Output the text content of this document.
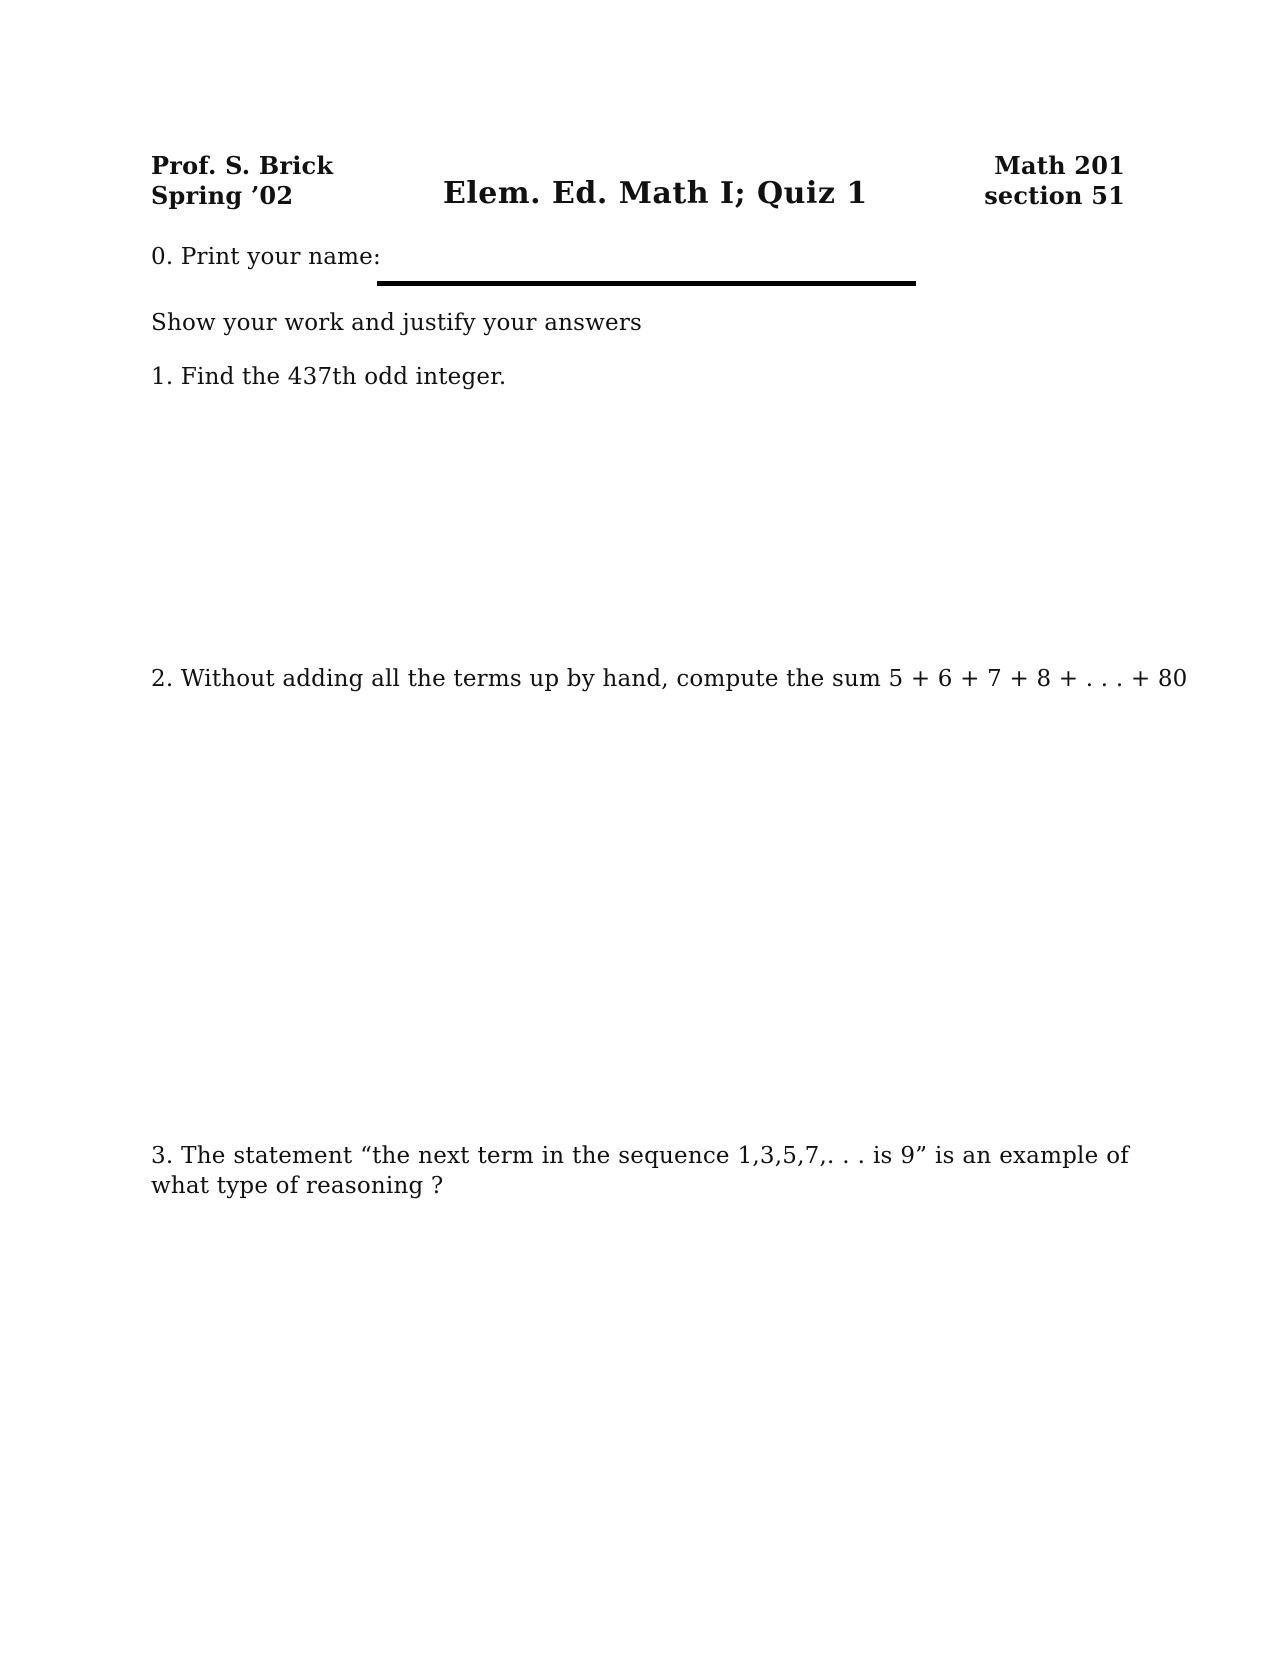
Prof. S. Brick
Spring ’02	Elem. Ed. Math I; Quiz 1
Math 201
section 51
0. Print your name:
Show your work and justify your answers
1. Find the 437th odd integer.
2. Without adding all the terms up by hand, compute the sum 5 + 6 + 7 + 8 + . . . + 80
3. The statement “the next term in the sequence 1,3,5,7,. . . is 9” is an example of what type of reasoning ?
